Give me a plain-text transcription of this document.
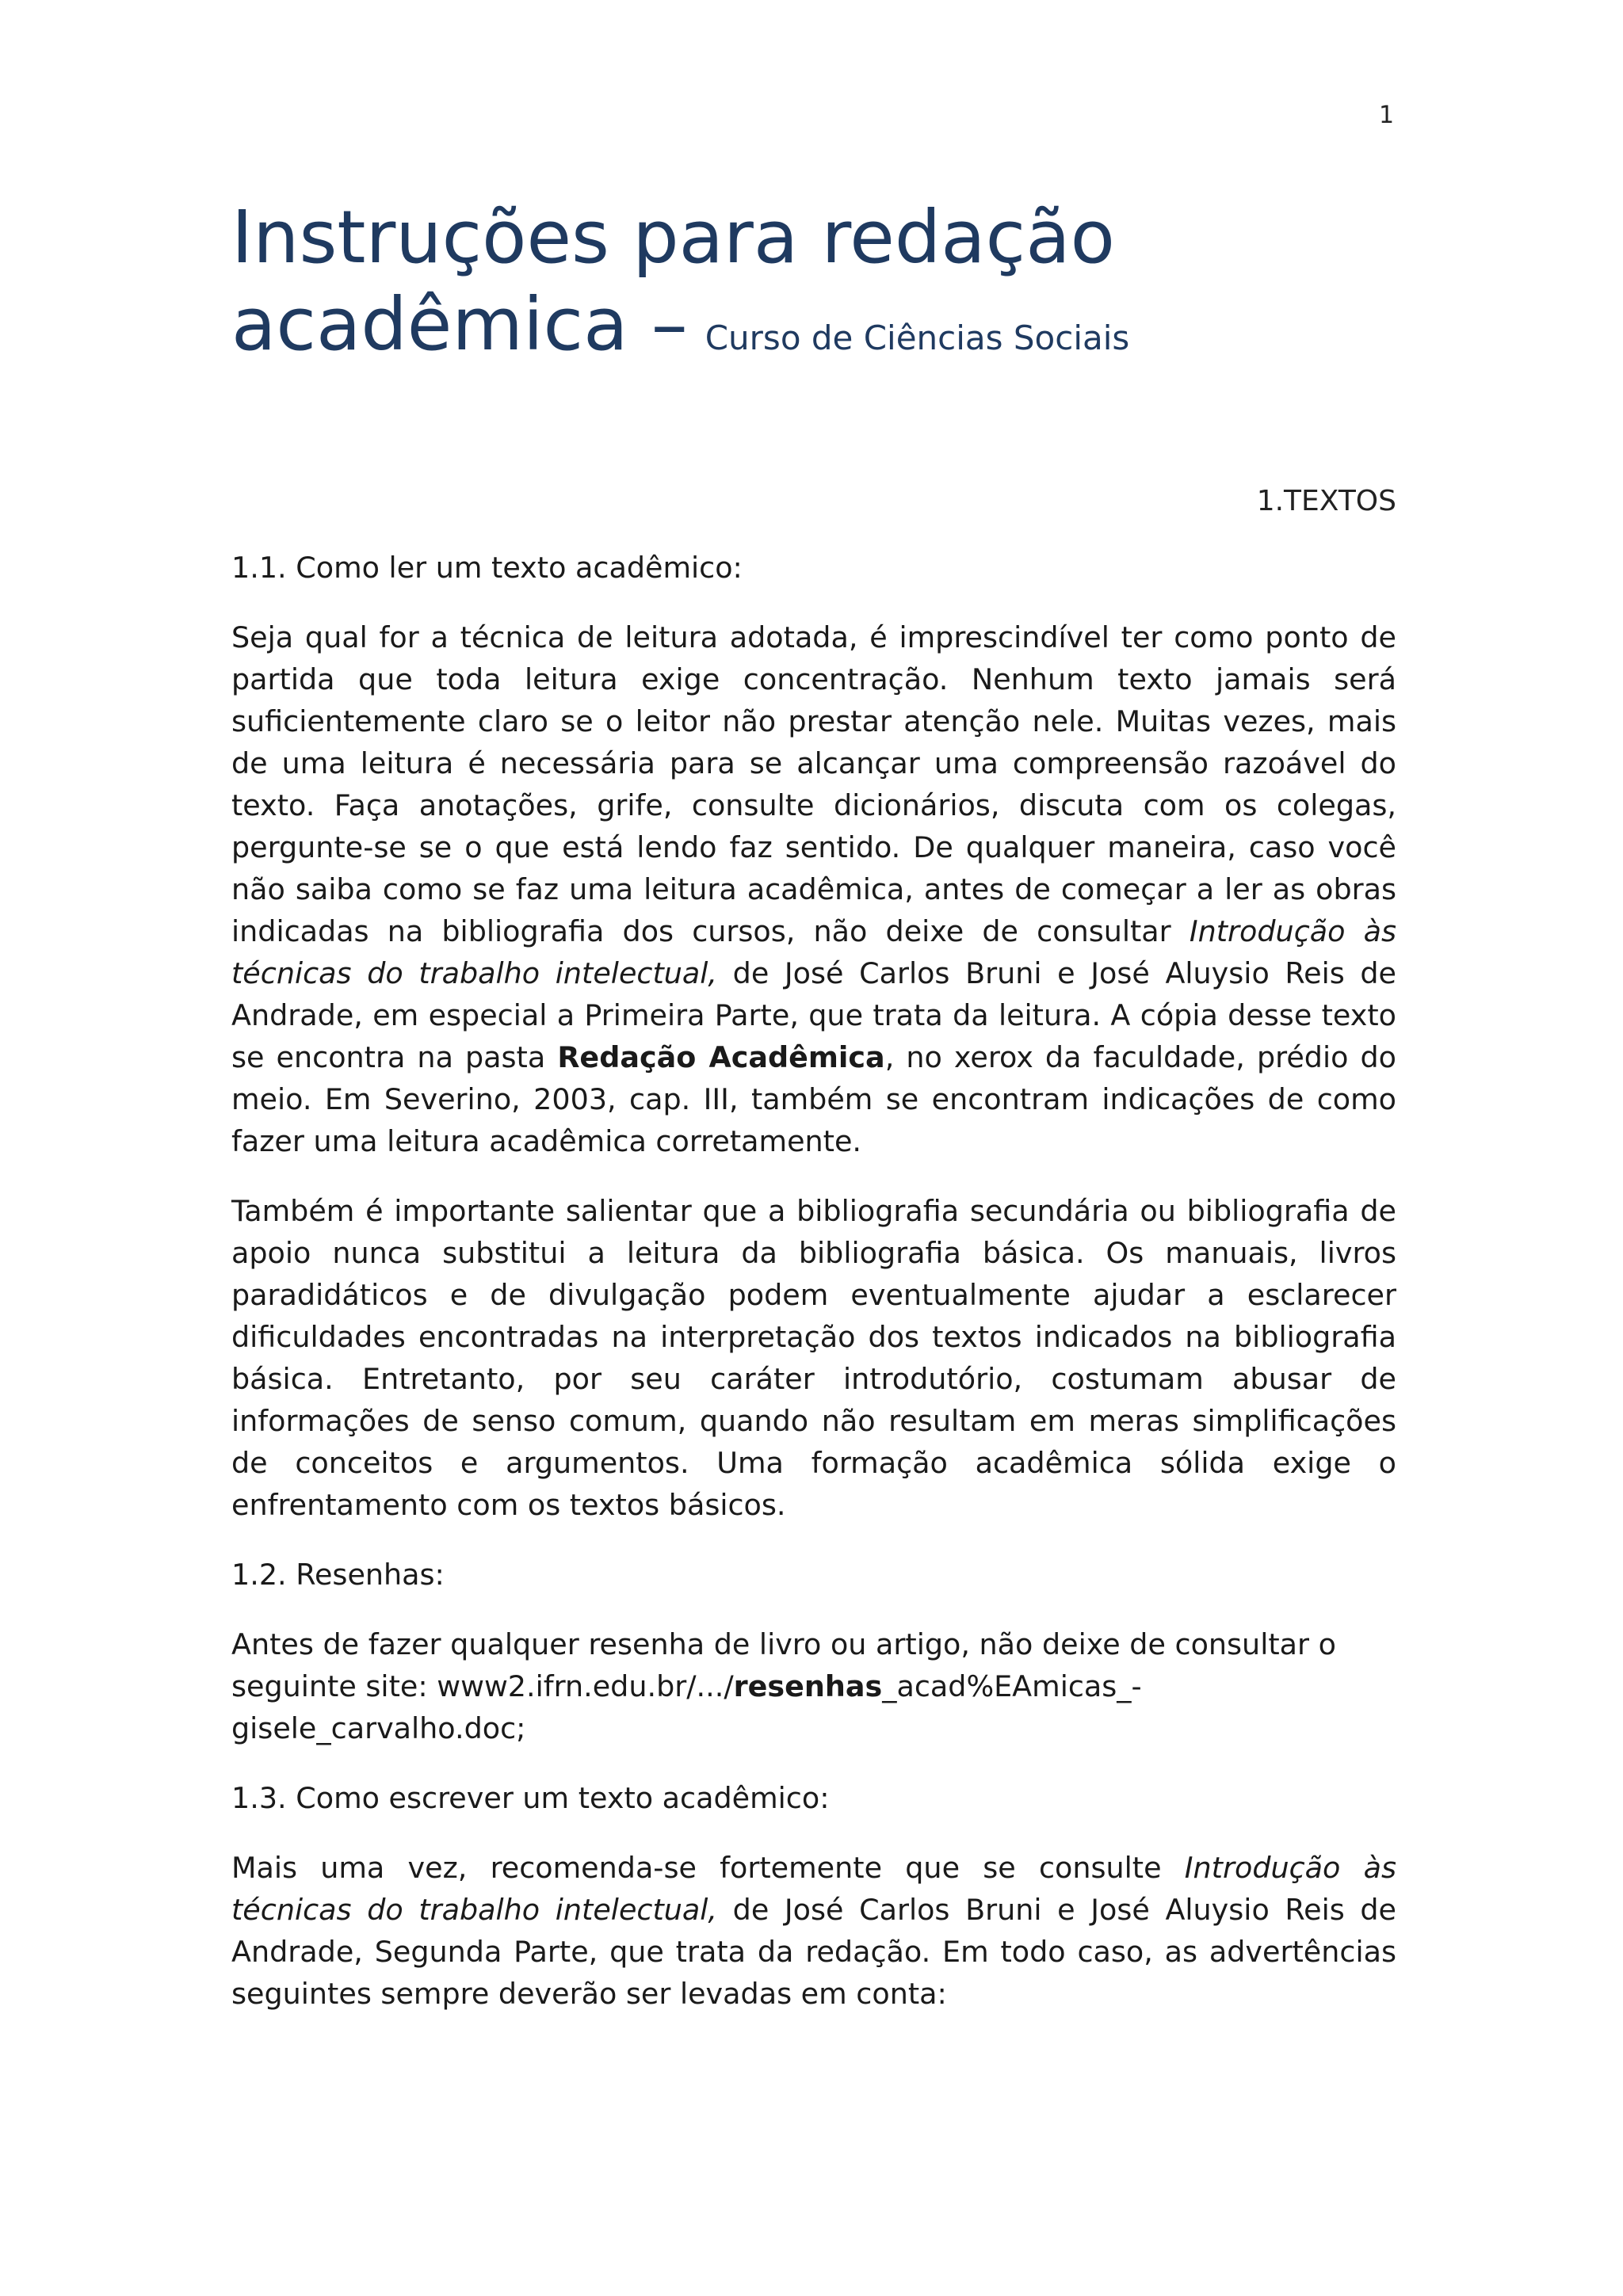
1
Instruções para redação
acadêmica – Curso de Ciências Sociais
1.TEXTOS
1.1. Como ler um texto acadêmico:

Seja qual for a técnica de leitura adotada, é imprescindível ter como ponto de partida que toda leitura exige concentração. Nenhum texto jamais será suficientemente claro se o leitor não prestar atenção nele. Muitas vezes, mais de uma leitura é necessária para se alcançar uma compreensão razoável do texto. Faça anotações, grife, consulte dicionários, discuta com os colegas, pergunte-se se o que está lendo faz sentido. De qualquer maneira, caso você não saiba como se faz uma leitura acadêmica, antes de começar a ler as obras indicadas na bibliografia dos cursos, não deixe de consultar Introdução às técnicas do trabalho intelectual, de José Carlos Bruni e José Aluysio Reis de Andrade, em especial a Primeira Parte, que trata da leitura. A cópia desse texto se encontra na pasta Redação Acadêmica, no xerox da faculdade, prédio do meio. Em Severino, 2003, cap. III, também se encontram indicações de como fazer uma leitura acadêmica corretamente.

Também é importante salientar que a bibliografia secundária ou bibliografia de apoio nunca substitui a leitura da bibliografia básica. Os manuais, livros paradidáticos e de divulgação podem eventualmente ajudar a esclarecer dificuldades encontradas na interpretação dos textos indicados na bibliografia básica. Entretanto, por seu caráter introdutório, costumam abusar de informações de senso comum, quando não resultam em meras simplificações de conceitos e argumentos. Uma formação acadêmica sólida exige o enfrentamento com os textos básicos.

1.2. Resenhas:

Antes de fazer qualquer resenha de livro ou artigo, não deixe de consultar o seguinte site: www2.ifrn.edu.br/.../resenhas_acad%EAmicas_-gisele_carvalho.doc;

1.3. Como escrever um texto acadêmico:

Mais uma vez, recomenda-se fortemente que se consulte Introdução às técnicas do trabalho intelectual, de José Carlos Bruni e José Aluysio Reis de Andrade, Segunda Parte, que trata da redação. Em todo caso, as advertências seguintes sempre deverão ser levadas em conta:
